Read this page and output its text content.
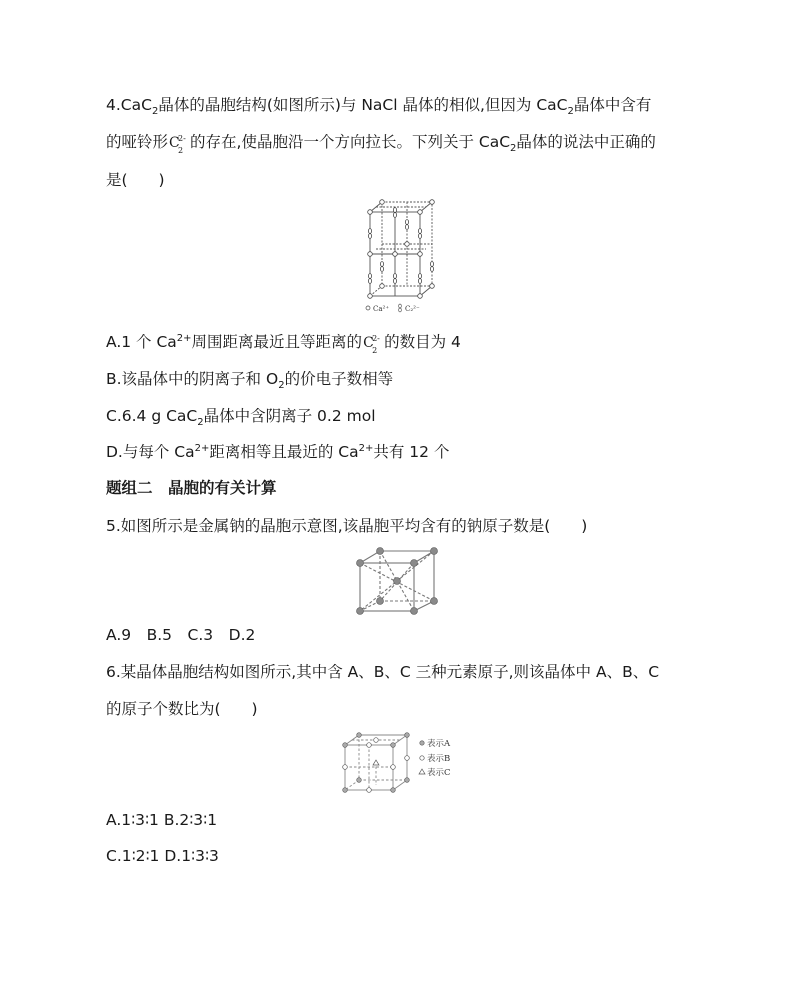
4.CaC$_2$晶体的晶胞结构(如图所示)与 NaCl 晶体的相似,但因为 CaC$_2$晶体中含有
的哑铃形 C
2-
2 的存在,使晶胞沿一个方向拉长。下列关于 CaC$_2$晶体的说法中正确的
是(　　)
Ca²⁺ C₂²⁻
A.1 个 $Ca^{2+}$周围距离最近且等距离的 C
2-
2 的数目为 4
B.该晶体中的阴离子和 $O_2$的价电子数相等
C.6.4 g CaC$_2$晶体中含阴离子 0.2 mol
D.与每个 $Ca^{2+}$距离相等且最近的 $Ca^{2+}$共有 12 个
题组二　晶胞的有关计算
5.如图所示是金属钠的晶胞示意图,该晶胞平均含有的钠原子数是(　　)
A.9　B.5　C.3　D.2
6.某晶体晶胞结构如图所示,其中含 A、B、C 三种元素原子,则该晶体中 A、B、C
的原子个数比为(　　)
表示A
表示B
表示C
A.1∶3∶1 B.2∶3∶1
C.1∶2∶1 D.1∶3∶3
